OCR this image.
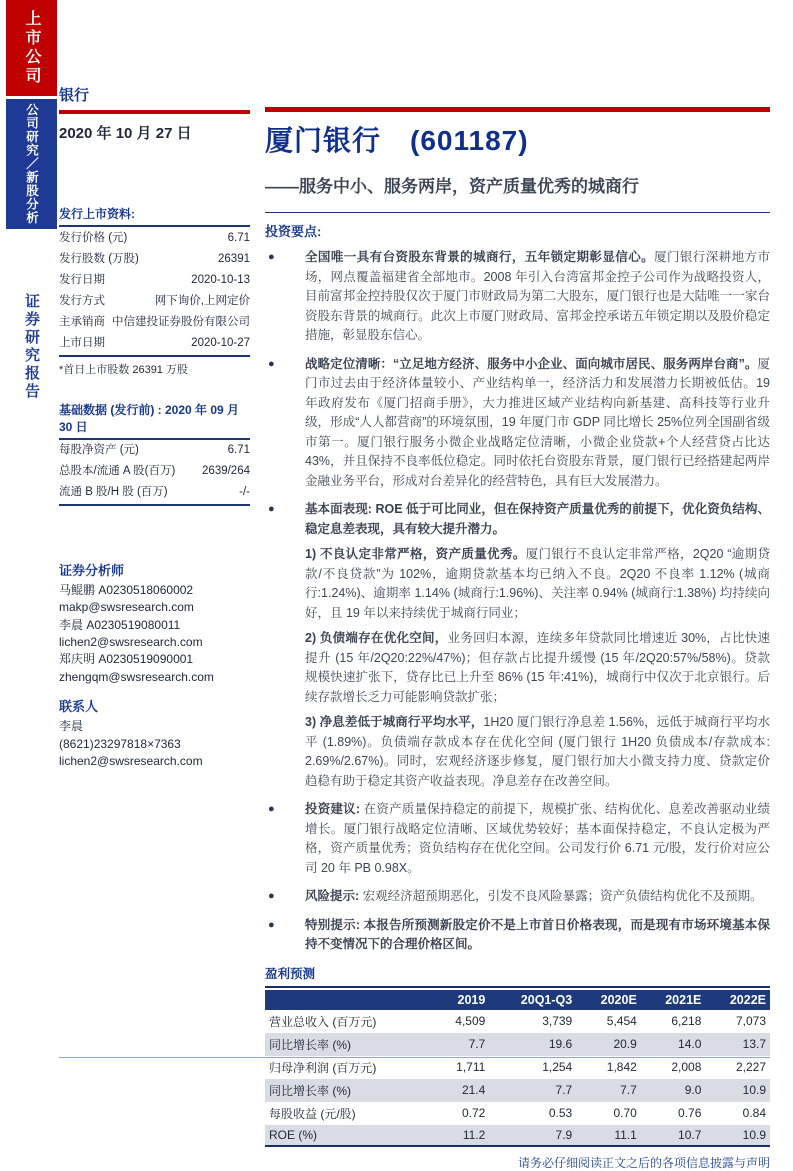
上市公司
公司研究／新股分析
证券研究报告
银行
2020 年 10 月 27 日
发行上市资料:
发行价格 (元)	6.71
发行股数 (万股)	26391
发行日期	2020-10-13
发行方式	网下询价,上网定价
主承销商 中信建投证券股份有限公司
上市日期	2020-10-27
*首日上市股数 26391 万股
基础数据 (发行前) : 2020 年 09 月 30 日
每股净资产 (元)	6.71
总股本/流通 A 股(百万)	2639/264
流通 B 股/H 股 (百万)	-/-
证券分析师
马鲲鹏 A0230518060002
makp@swsresearch.com
李晨 A0230519080011
lichen2@swsresearch.com
郑庆明 A0230519090001
zhengqm@swsresearch.com
联系人
李晨
(8621)23297818×7363
lichen2@swsresearch.com
厦门银行　(601187)
——服务中小、服务两岸，资产质量优秀的城商行
投资要点:
● 全国唯一具有台资股东背景的城商行，五年锁定期彰显信心。厦门银行深耕地方市场，网点覆盖福建省全部地市。2008 年引入台湾富邦金控子公司作为战略投资人，目前富邦金控持股仅次于厦门市财政局为第二大股东，厦门银行也是大陆唯一一家台资股东背景的城商行。此次上市厦门财政局、富邦金控承诺五年锁定期以及股价稳定措施，彰显股东信心。
● 战略定位清晰：“立足地方经济、服务中小企业、面向城市居民、服务两岸台商”。厦门市过去由于经济体量较小、产业结构单一，经济活力和发展潜力长期被低估。19 年政府发布《厦门招商手册》，大力推进区域产业结构向新基建、高科技等行业升级，形成“人人都营商”的环境氛围，19 年厦门市 GDP 同比增长 25%位列全国副省级市第一。厦门银行服务小微企业战略定位清晰，小微企业贷款+个人经营贷占比达 43%，并且保持不良率低位稳定。同时依托台资股东背景，厦门银行已经搭建起两岸金融业务平台，形成对台差异化的经营特色，具有巨大发展潜力。
● 基本面表现: ROE 低于可比同业，但在保持资产质量优秀的前提下，优化资负结构、稳定息差表现，具有较大提升潜力。
1) 不良认定非常严格，资产质量优秀。厦门银行不良认定非常严格，2Q20 “逾期贷款/不良贷款”为 102%，逾期贷款基本均已纳入不良。2Q20 不良率 1.12% (城商行:1.24%)、逾期率 1.14% (城商行:1.96%)、关注率 0.94% (城商行:1.38%) 均持续向好，且 19 年以来持续优于城商行同业；
2) 负债端存在优化空间，业务回归本源，连续多年贷款同比增速近 30%，占比快速提升 (15 年/2Q20:22%/47%)；但存款占比提升缓慢 (15 年/2Q20:57%/58%)。贷款规模快速扩张下，贷存比已上升至 86% (15 年:41%)，城商行中仅次于北京银行。后续存款增长乏力可能影响贷款扩张；
3) 净息差低于城商行平均水平，1H20 厦门银行净息差 1.56%，远低于城商行平均水平 (1.89%)。负债端存款成本存在优化空间 (厦门银行 1H20 负债成本/存款成本: 2.69%/2.67%)。同时，宏观经济逐步修复，厦门银行加大小微支持力度、贷款定价趋稳有助于稳定其资产收益表现。净息差存在改善空间。
● 投资建议: 在资产质量保持稳定的前提下，规模扩张、结构优化、息差改善驱动业绩增长。厦门银行战略定位清晰、区域优势较好；基本面保持稳定，不良认定极为严格，资产质量优秀；资负结构存在优化空间。公司发行价 6.71 元/股，发行价对应公司 20 年 PB 0.98X。
● 风险提示: 宏观经济超预期恶化，引发不良风险暴露；资产负债结构优化不及预期。
● 特别提示: 本报告所预测新股定价不是上市首日价格表现，而是现有市场环境基本保持不变情况下的合理价格区间。
盈利预测
	2019	20Q1-Q3	2020E	2021E	2022E
营业总收入 (百万元)	4,509	3,739	5,454	6,218	7,073
同比增长率 (%)	7.7	19.6	20.9	14.0	13.7
归母净利润 (百万元)	1,711	1,254	1,842	2,008	2,227
同比增长率 (%)	21.4	7.7	7.7	9.0	10.9
每股收益 (元/股)	0.72	0.53	0.70	0.76	0.84
ROE (%)	11.2	7.9	11.1	10.7	10.9
请务必仔细阅读正文之后的各项信息披露与声明
